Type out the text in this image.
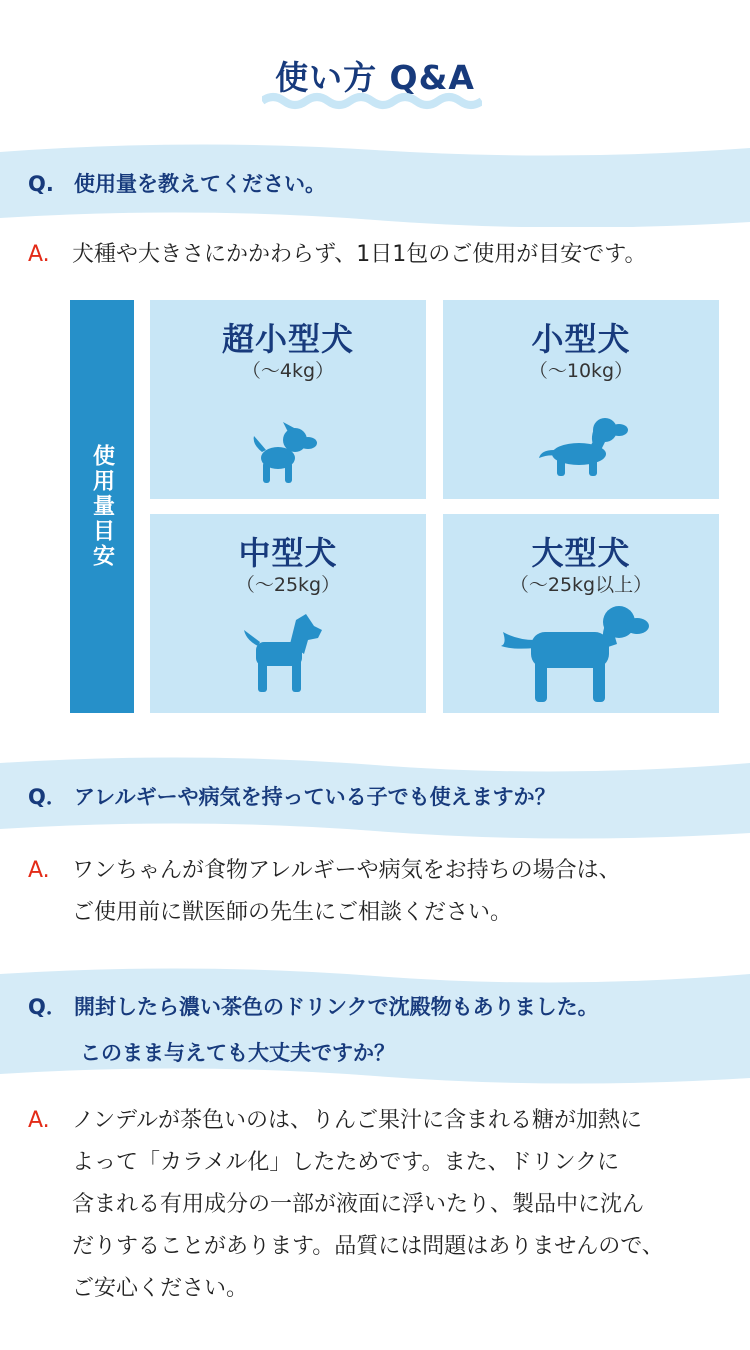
使い方 Q&A
Q. 使用量を教えてください。
A. 犬種や大きさにかかわらず、1日1包のご使用が目安です。
使用量目安
超小型犬
（～4kg）
小型犬
（～10kg）
中型犬
（～25kg）
大型犬
（～25kg以上）
Q． アレルギーや病気を持っている子でも使えますか？
A. ワンちゃんが食物アレルギーや病気をお持ちの場合は、
ご使用前に獣医師の先生にご相談ください。
Q． 開封したら濃い茶色のドリンクで沈殿物もありました。
このまま与えても大丈夫ですか？
A. ノンデルが茶色いのは、りんご果汁に含まれる糖が加熱に
よって「カラメル化」したためです。また、ドリンクに
含まれる有用成分の一部が液面に浮いたり、製品中に沈ん
だりすることがあります。品質には問題はありませんので、
ご安心ください。
